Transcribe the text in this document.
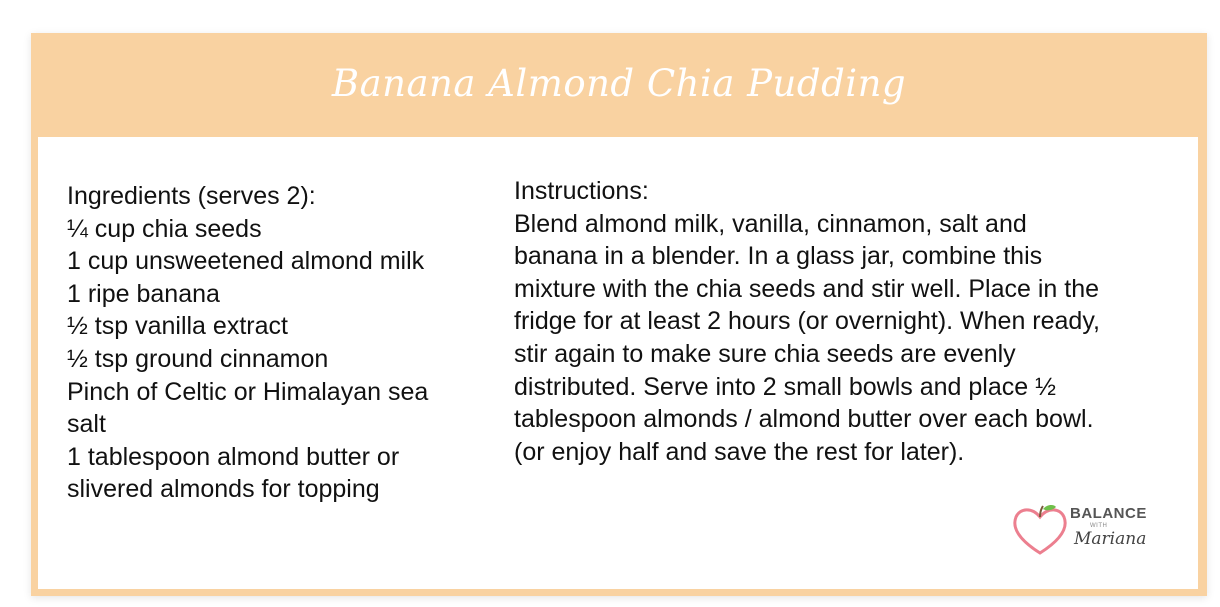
Banana Almond Chia Pudding
Ingredients (serves 2):
¼ cup chia seeds
1 cup unsweetened almond milk
1 ripe banana
½ tsp vanilla extract
½ tsp ground cinnamon
Pinch of Celtic or Himalayan sea
salt
1 tablespoon almond butter or
slivered almonds for topping
Instructions:
Blend almond milk, vanilla, cinnamon, salt and
banana in a blender. In a glass jar, combine this
mixture with the chia seeds and stir well. Place in the
fridge for at least 2 hours (or overnight). When ready,
stir again to make sure chia seeds are evenly
distributed. Serve into 2 small bowls and place ½
tablespoon almonds / almond butter over each bowl.
(or enjoy half and save the rest for later).
BALANCE
WITH
Mariana
